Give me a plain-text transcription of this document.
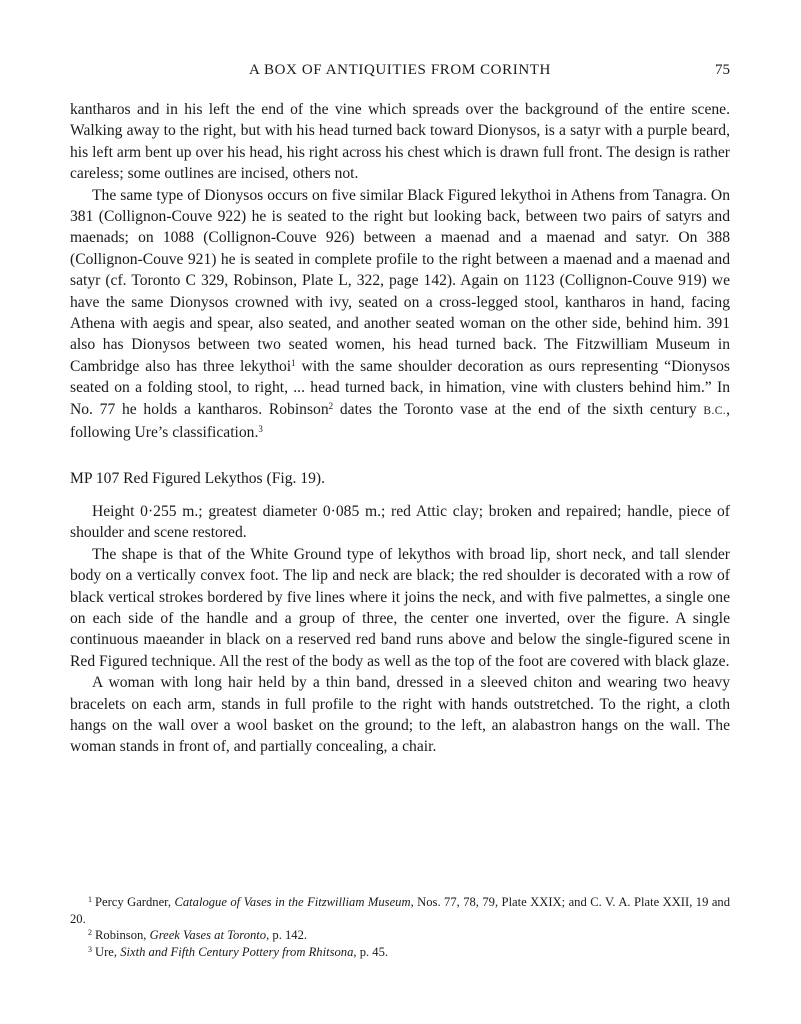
A BOX OF ANTIQUITIES FROM CORINTH	75

kantharos and in his left the end of the vine which spreads over the background of the entire scene. Walking away to the right, but with his head turned back toward Dionysos, is a satyr with a purple beard, his left arm bent up over his head, his right across his chest which is drawn full front. The design is rather careless; some outlines are incised, others not.

The same type of Dionysos occurs on five similar Black Figured lekythoi in Athens from Tanagra. On 381 (Collignon-Couve 922) he is seated to the right but looking back, between two pairs of satyrs and maenads; on 1088 (Collignon-Couve 926) between a maenad and a maenad and satyr. On 388 (Collignon-Couve 921) he is seated in complete profile to the right between a maenad and a maenad and satyr (cf. Toronto C 329, Robinson, Plate L, 322, page 142). Again on 1123 (Collignon-Couve 919) we have the same Dionysos crowned with ivy, seated on a cross-legged stool, kantharos in hand, facing Athena with aegis and spear, also seated, and another seated woman on the other side, behind him. 391 also has Dionysos between two seated women, his head turned back. The Fitzwilliam Museum in Cambridge also has three lekythoi$^1$ with the same shoulder decoration as ours representing “Dionysos seated on a folding stool, to right, ... head turned back, in himation, vine with clusters behind him.” In No. 77 he holds a kantharos. Robinson$^2$ dates the Toronto vase at the end of the sixth century B.C., following Ure’s classification.$^3$

MP 107 Red Figured Lekythos (Fig. 19).

Height 0·255 m.; greatest diameter 0·085 m.; red Attic clay; broken and repaired; handle, piece of shoulder and scene restored.

The shape is that of the White Ground type of lekythos with broad lip, short neck, and tall slender body on a vertically convex foot. The lip and neck are black; the red shoulder is decorated with a row of black vertical strokes bordered by five lines where it joins the neck, and with five palmettes, a single one on each side of the handle and a group of three, the center one inverted, over the figure. A single continuous maeander in black on a reserved red band runs above and below the single-figured scene in Red Figured technique. All the rest of the body as well as the top of the foot are covered with black glaze.

A woman with long hair held by a thin band, dressed in a sleeved chiton and wearing two heavy bracelets on each arm, stands in full profile to the right with hands outstretched. To the right, a cloth hangs on the wall over a wool basket on the ground; to the left, an alabastron hangs on the wall. The woman stands in front of, and partially concealing, a chair.

$^1$ Percy Gardner, Catalogue of Vases in the Fitzwilliam Museum, Nos. 77, 78, 79, Plate XXIX; and C. V. A. Plate XXII, 19 and 20.

$^2$ Robinson, Greek Vases at Toronto, p. 142.

$^3$ Ure, Sixth and Fifth Century Pottery from Rhitsona, p. 45.
